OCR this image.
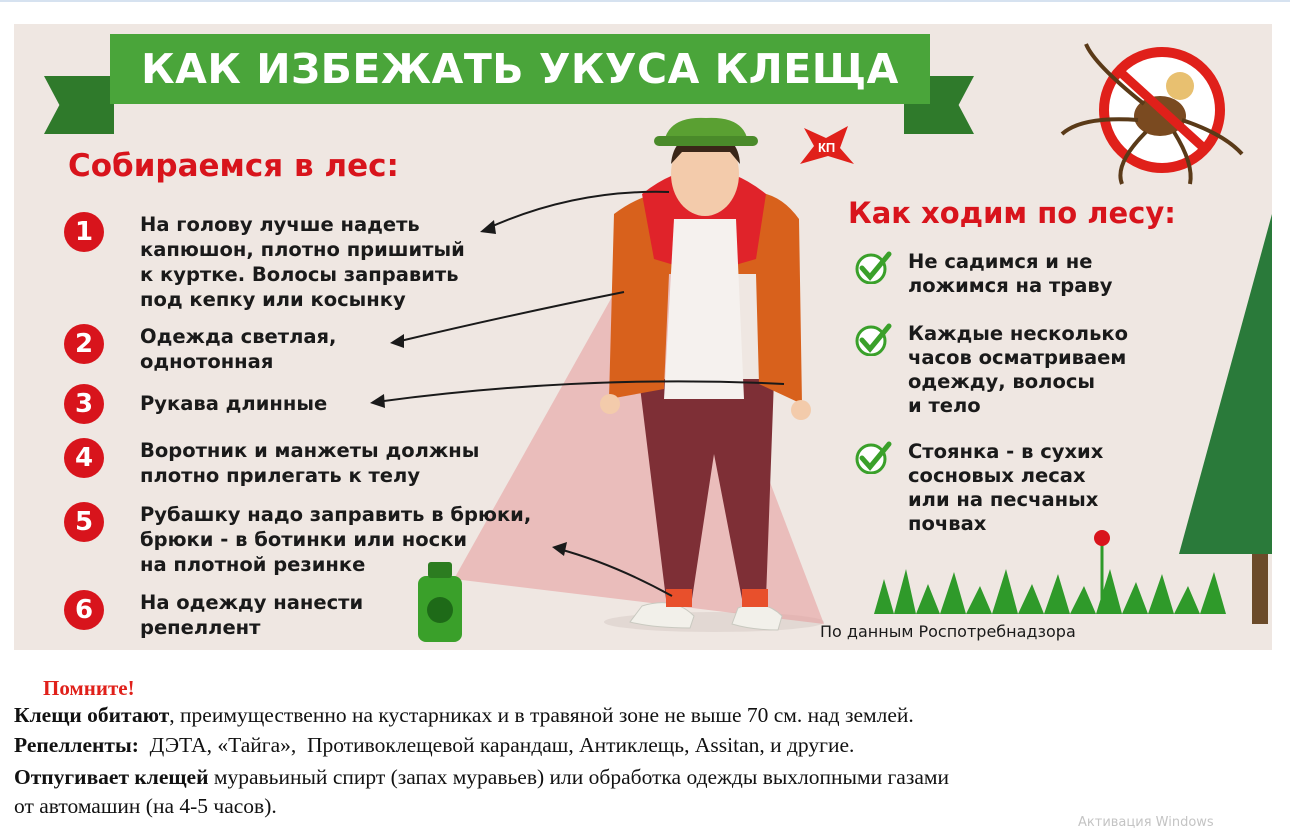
КАК ИЗБЕЖАТЬ УКУСА КЛЕЩА
КП
Собираемся в лес:
Как ходим по лесу:
1	На голову лучше надеть
капюшон, плотно пришитый
к куртке. Волосы заправить
под кепку или косынку
2	Одежда светлая,
однотонная
3	Рукава длинные
4	Воротник и манжеты должны
плотно прилегать к телу
5	Рубашку надо заправить в брюки,
брюки - в ботинки или носки
на плотной резинке
6	На одежду нанести
репеллент
Не садимся и не
ложимся на траву
Каждые несколько
часов осматриваем
одежду, волосы
и тело
Стоянка - в сухих
сосновых лесах
или на песчаных
почвах
По данным Роспотребнадзора
Помните!
Клещи обитают, преимущественно на кустарниках и в травяной зоне не выше 70 см. над землей.
Репелленты:  ДЭТА, «Тайга»,  Противоклещевой карандаш, Антиклещь, Assitan, и другие.
Отпугивает клещей муравьиный спирт (запах муравьев) или обработка одежды выхлопными газами
от автомашин (на 4-5 часов).
Активация Windows
